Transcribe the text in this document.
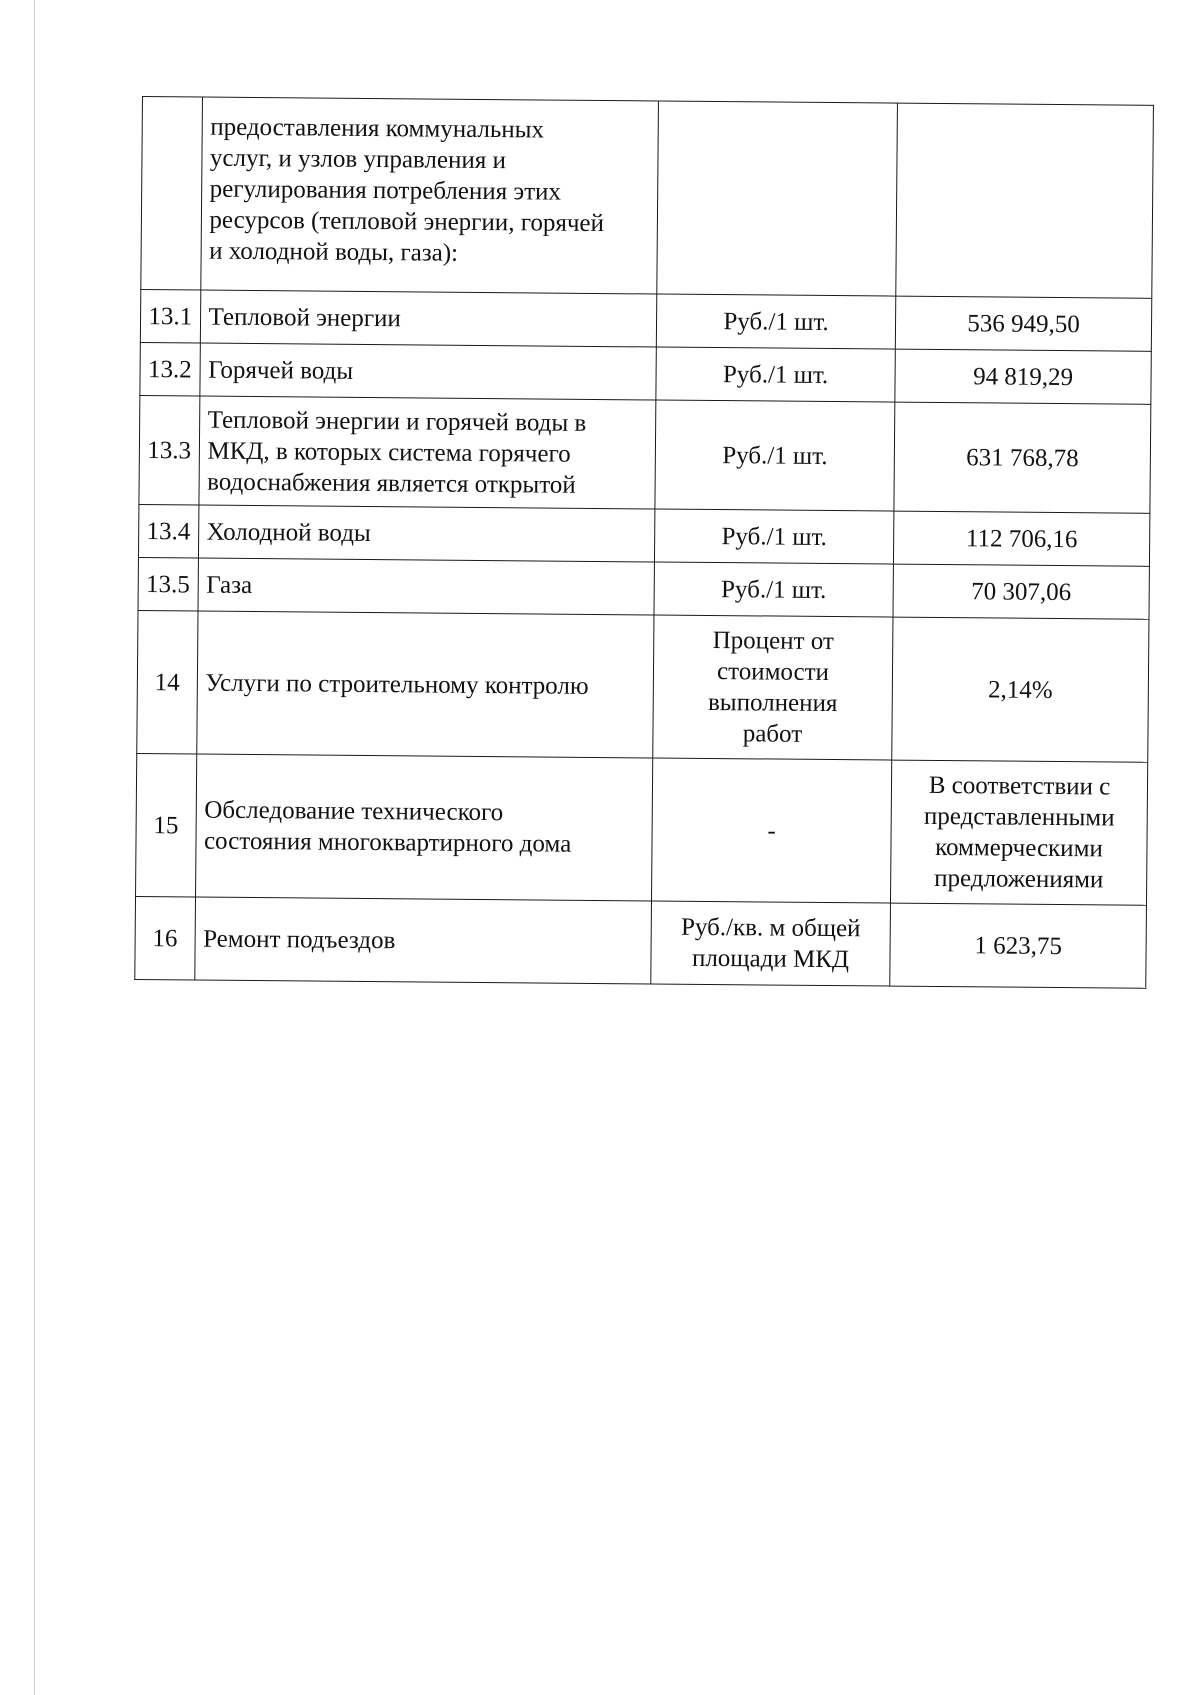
	предоставления коммунальных
услуг, и узлов управления и
регулирования потребления этих
ресурсов (тепловой энергии, горячей
и холодной воды, газа):		
13.1	Тепловой энергии	Руб./1 шт.	536 949,50
13.2	Горячей воды	Руб./1 шт.	94 819,29
13.3	Тепловой энергии и горячей воды в
МКД, в которых система горячего
водоснабжения является открытой	Руб./1 шт.	631 768,78
13.4	Холодной воды	Руб./1 шт.	112 706,16
13.5	Газа	Руб./1 шт.	70 307,06
14	Услуги по строительному контролю	Процент от
стоимости
выполнения
работ	2,14%
15	Обследование технического
состояния многоквартирного дома	-	В соответствии с
представленными
коммерческими
предложениями
16	Ремонт подъездов	Руб./кв. м общей
площади МКД	1 623,75
